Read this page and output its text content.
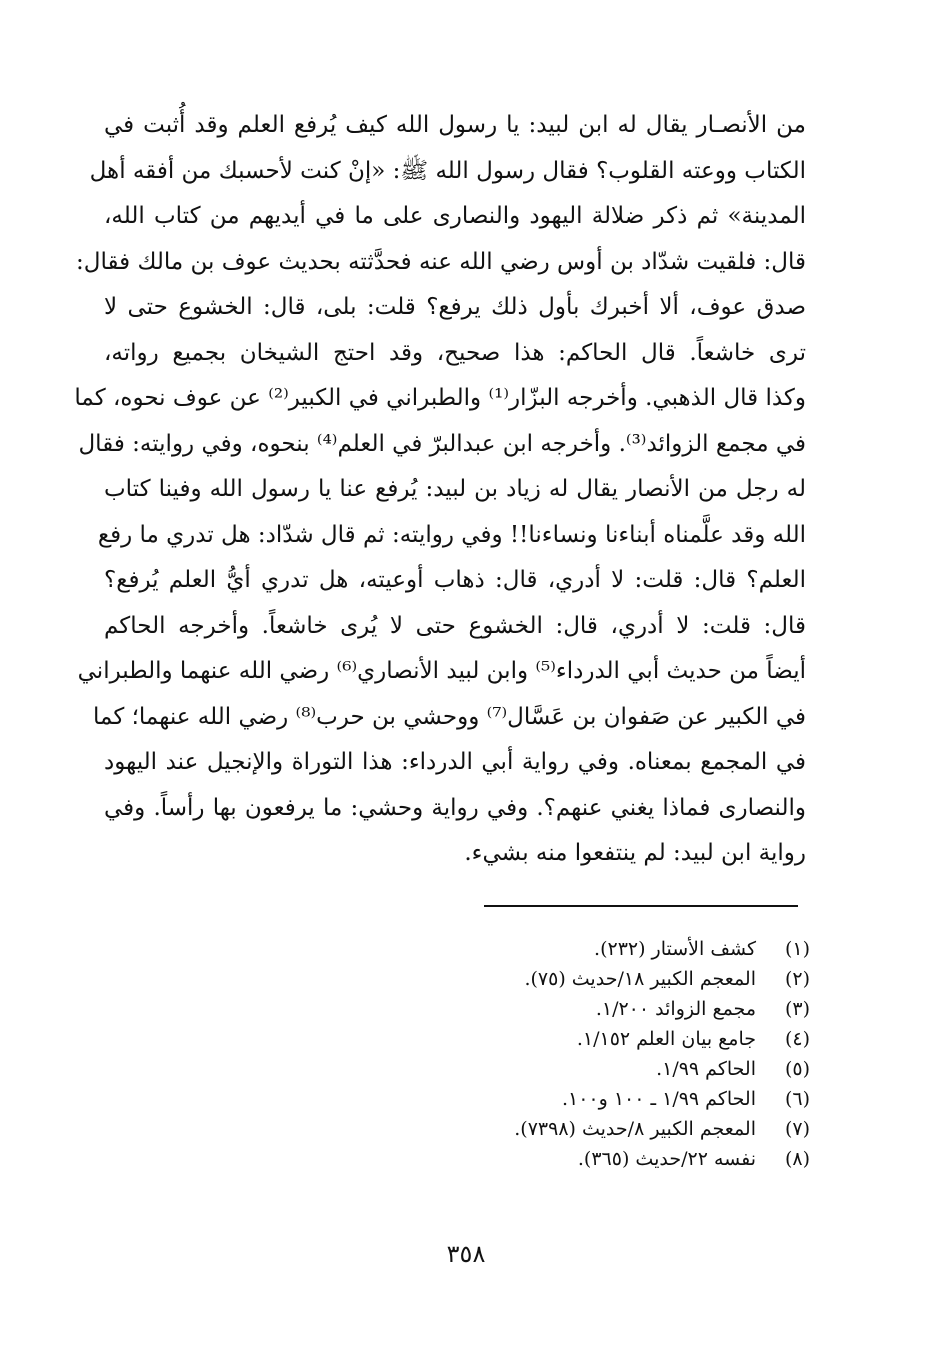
من الأنصـار يقال له ابن لبيد: يا رسول الله كيف يُرفع العلم وقد أُثبت في
الكتاب ووعته القلوب؟ فقال رسول الله ﷺ: «إنْ كنت لأحسبك من أفقه أهل
المدينة» ثم ذكر ضلالة اليهود والنصارى على ما في أيديهم من كتاب الله،
قال: فلقيت شدّاد بن أوس رضي الله عنه فحدَّثته بحديث عوف بن مالك فقال:
صدق عوف، ألا أخبرك بأول ذلك يرفع؟ قلت: بلى، قال: الخشوع حتى لا
ترى خاشعاً. قال الحاكم: هذا صحيح، وقد احتج الشيخان بجميع رواته،
وكذا قال الذهبي. وأخرجه البزّار⁽¹⁾ والطبراني في الكبير⁽²⁾ عن عوف نحوه، كما
في مجمع الزوائد⁽³⁾. وأخرجه ابن عبدالبرّ في العلم⁽⁴⁾ بنحوه، وفي روايته: فقال
له رجل من الأنصار يقال له زياد بن لبيد: يُرفع عنا يا رسول الله وفينا كتاب
الله وقد علَّمناه أبناءنا ونساءنا!! وفي روايته: ثم قال شدّاد: هل تدري ما رفع
العلم؟ قال: قلت: لا أدري، قال: ذهاب أوعيته، هل تدري أيُّ العلم يُرفع؟
قال: قلت: لا أدري، قال: الخشوع حتى لا يُرى خاشعاً. وأخرجه الحاكم
أيضاً من حديث أبي الدرداء⁽⁵⁾ وابن لبيد الأنصاري⁽⁶⁾ رضي الله عنهما والطبراني
في الكبير عن صَفوان بن عَسَّال⁽⁷⁾ ووحشي بن حرب⁽⁸⁾ رضي الله عنهما؛ كما
في المجمع بمعناه. وفي رواية أبي الدرداء: هذا التوراة والإنجيل عند اليهود
والنصارى فماذا يغني عنهم؟. وفي رواية وحشي: ما يرفعون بها رأساً. وفي
رواية ابن لبيد: لم ينتفعوا منه بشيء.
(١)
كشف الأستار (٢٣٢).
(٢)
المعجم الكبير ١٨/حديث (٧٥).
(٣)
مجمع الزوائد ١/٢٠٠.
(٤)
جامع بيان العلم ١/١٥٢.
(٥)
الحاكم ١/٩٩.
(٦)
الحاكم ١/٩٩ ـ ١٠٠ و١٠٠.
(٧)
المعجم الكبير ٨/حديث (٧٣٩٨).
(٨)
نفسه ٢٢/حديث (٣٦٥).
٣٥٨
